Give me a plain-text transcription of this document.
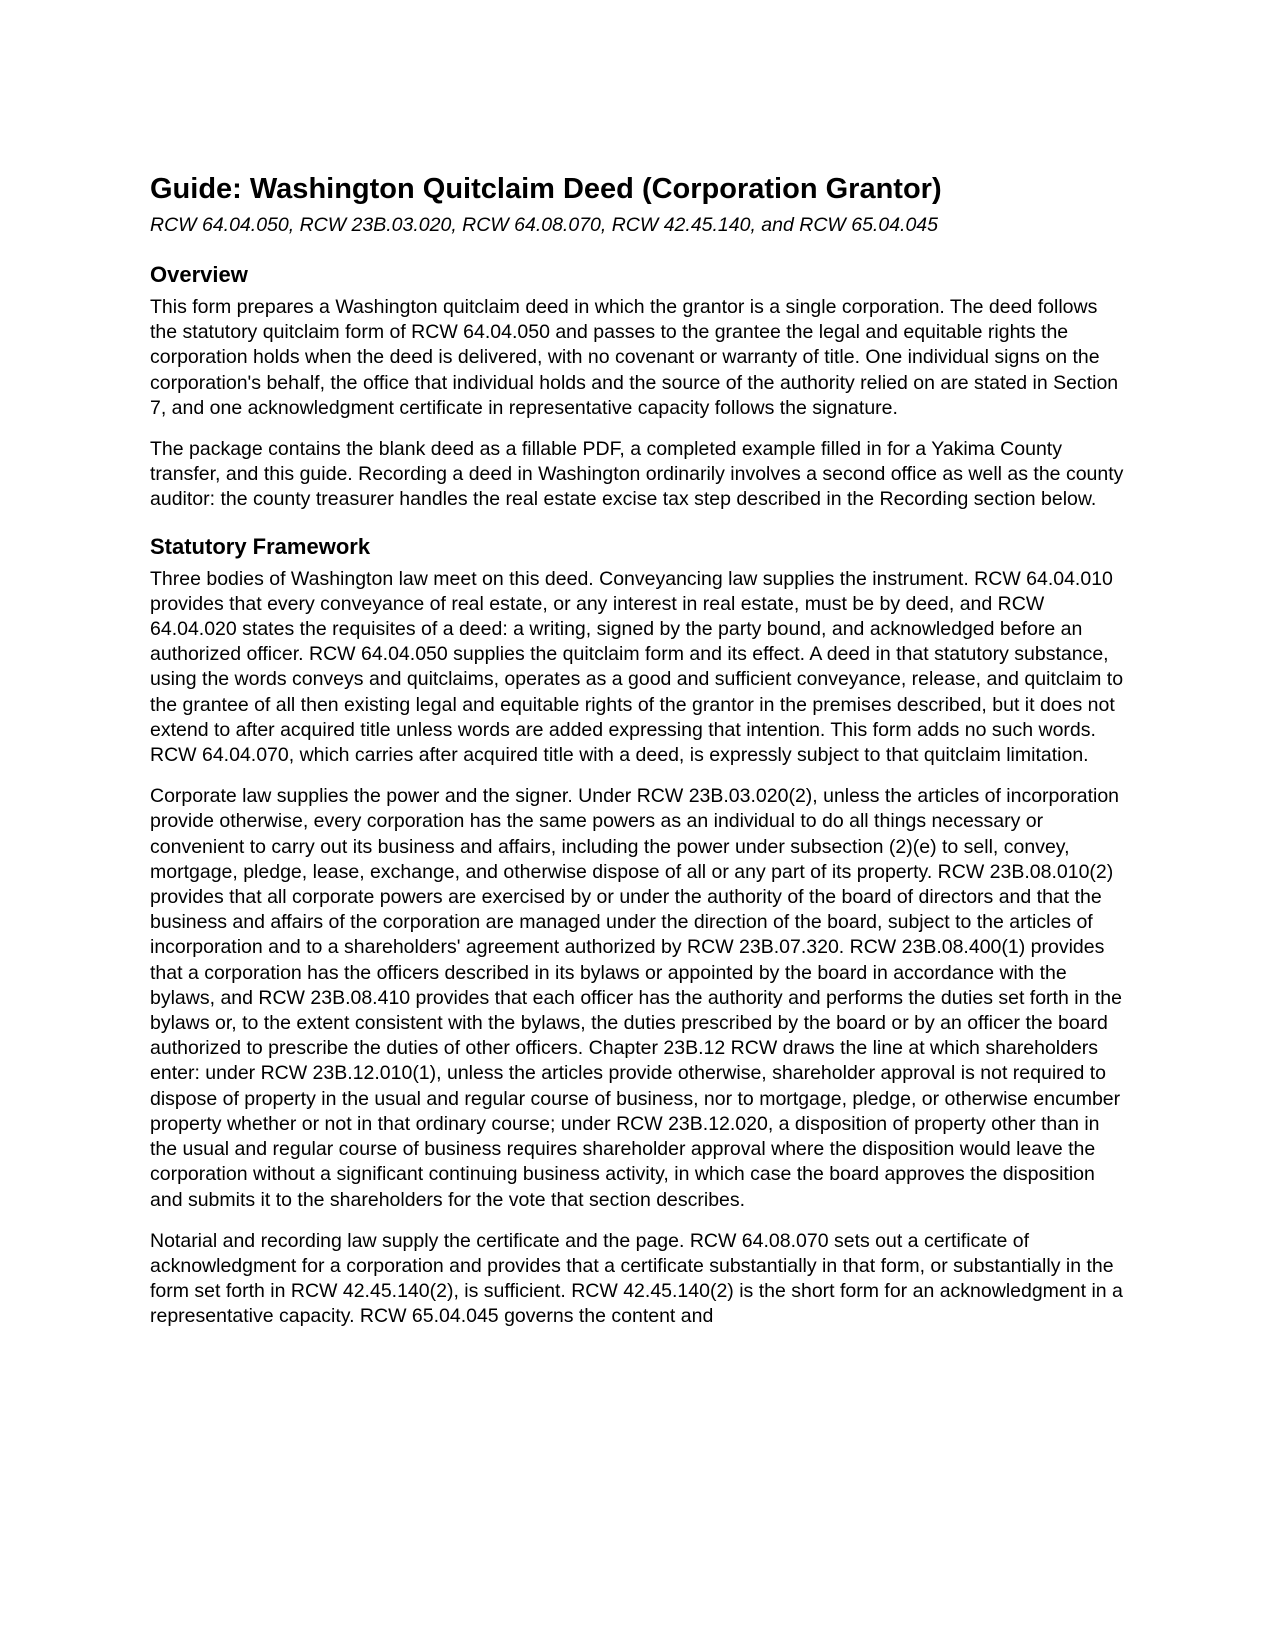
Guide: Washington Quitclaim Deed (Corporation Grantor)

RCW 64.04.050, RCW 23B.03.020, RCW 64.08.070, RCW 42.45.140, and RCW 65.04.045

Overview

This form prepares a Washington quitclaim deed in which the grantor is a single corporation. The deed follows the statutory quitclaim form of RCW 64.04.050 and passes to the grantee the legal and equitable rights the corporation holds when the deed is delivered, with no covenant or warranty of title. One individual signs on the corporation's behalf, the office that individual holds and the source of the authority relied on are stated in Section 7, and one acknowledgment certificate in representative capacity follows the signature.

The package contains the blank deed as a fillable PDF, a completed example filled in for a Yakima County transfer, and this guide. Recording a deed in Washington ordinarily involves a second office as well as the county auditor: the county treasurer handles the real estate excise tax step described in the Recording section below.

Statutory Framework

Three bodies of Washington law meet on this deed. Conveyancing law supplies the instrument. RCW 64.04.010 provides that every conveyance of real estate, or any interest in real estate, must be by deed, and RCW 64.04.020 states the requisites of a deed: a writing, signed by the party bound, and acknowledged before an authorized officer. RCW 64.04.050 supplies the quitclaim form and its effect. A deed in that statutory substance, using the words conveys and quitclaims, operates as a good and sufficient conveyance, release, and quitclaim to the grantee of all then existing legal and equitable rights of the grantor in the premises described, but it does not extend to after acquired title unless words are added expressing that intention. This form adds no such words. RCW 64.04.070, which carries after acquired title with a deed, is expressly subject to that quitclaim limitation.

Corporate law supplies the power and the signer. Under RCW 23B.03.020(2), unless the articles of incorporation provide otherwise, every corporation has the same powers as an individual to do all things necessary or convenient to carry out its business and affairs, including the power under subsection (2)(e) to sell, convey, mortgage, pledge, lease, exchange, and otherwise dispose of all or any part of its property. RCW 23B.08.010(2) provides that all corporate powers are exercised by or under the authority of the board of directors and that the business and affairs of the corporation are managed under the direction of the board, subject to the articles of incorporation and to a shareholders' agreement authorized by RCW 23B.07.320. RCW 23B.08.400(1) provides that a corporation has the officers described in its bylaws or appointed by the board in accordance with the bylaws, and RCW 23B.08.410 provides that each officer has the authority and performs the duties set forth in the bylaws or, to the extent consistent with the bylaws, the duties prescribed by the board or by an officer the board authorized to prescribe the duties of other officers. Chapter 23B.12 RCW draws the line at which shareholders enter: under RCW 23B.12.010(1), unless the articles provide otherwise, shareholder approval is not required to dispose of property in the usual and regular course of business, nor to mortgage, pledge, or otherwise encumber property whether or not in that ordinary course; under RCW 23B.12.020, a disposition of property other than in the usual and regular course of business requires shareholder approval where the disposition would leave the corporation without a significant continuing business activity, in which case the board approves the disposition and submits it to the shareholders for the vote that section describes.

Notarial and recording law supply the certificate and the page. RCW 64.08.070 sets out a certificate of acknowledgment for a corporation and provides that a certificate substantially in that form, or substantially in the form set forth in RCW 42.45.140(2), is sufficient. RCW 42.45.140(2) is the short form for an acknowledgment in a representative capacity. RCW 65.04.045 governs the content and
